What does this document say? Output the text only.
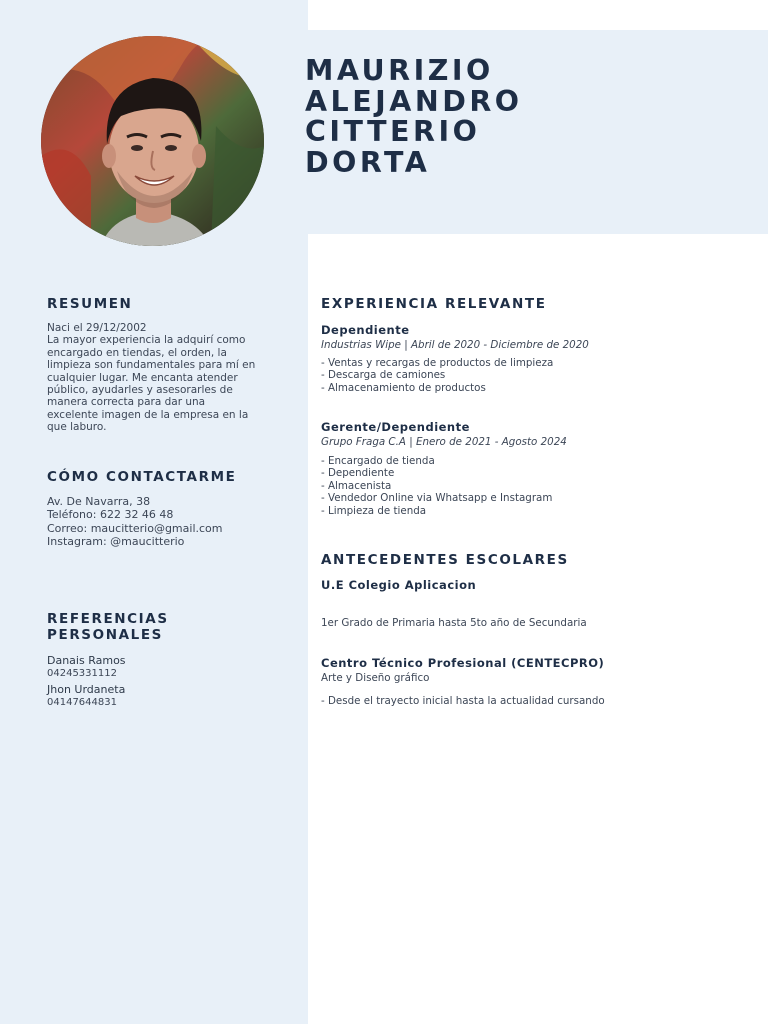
MAURIZIO
ALEJANDRO
CITTERIO
DORTA
RESUMEN
Naci el 29/12/2002
La mayor experiencia la adquirí como
encargado en tiendas, el orden, la
limpieza son fundamentales para mí en
cualquier lugar. Me encanta atender
público, ayudarles y asesorarles de
manera correcta para dar una
excelente imagen de la empresa en la
que laburo.
CÓMO CONTACTARME
Av. De Navarra, 38
Teléfono: 622 32 46 48
Correo: maucitterio@gmail.com
Instagram: @maucitterio
REFERENCIAS
PERSONALES

Danais Ramos

04245331112

Jhon Urdaneta

04147644831

EXPERIENCIA RELEVANTE

Dependiente

Industrias Wipe | Abril de 2020 - Diciembre de 2020

- Ventas y recargas de productos de limpieza
- Descarga de camiones
- Almacenamiento de productos

Gerente/Dependiente

Grupo Fraga C.A | Enero de 2021 - Agosto 2024

- Encargado de tienda
- Dependiente
- Almacenista
- Vendedor Online via Whatsapp e Instagram
- Limpieza de tienda
ANTECEDENTES ESCOLARES

U.E Colegio Aplicacion

1er Grado de Primaria hasta 5to año de Secundaria

Centro Técnico Profesional (CENTECPRO)

Arte y Diseño gráfico

- Desde el trayecto inicial hasta la actualidad cursando
